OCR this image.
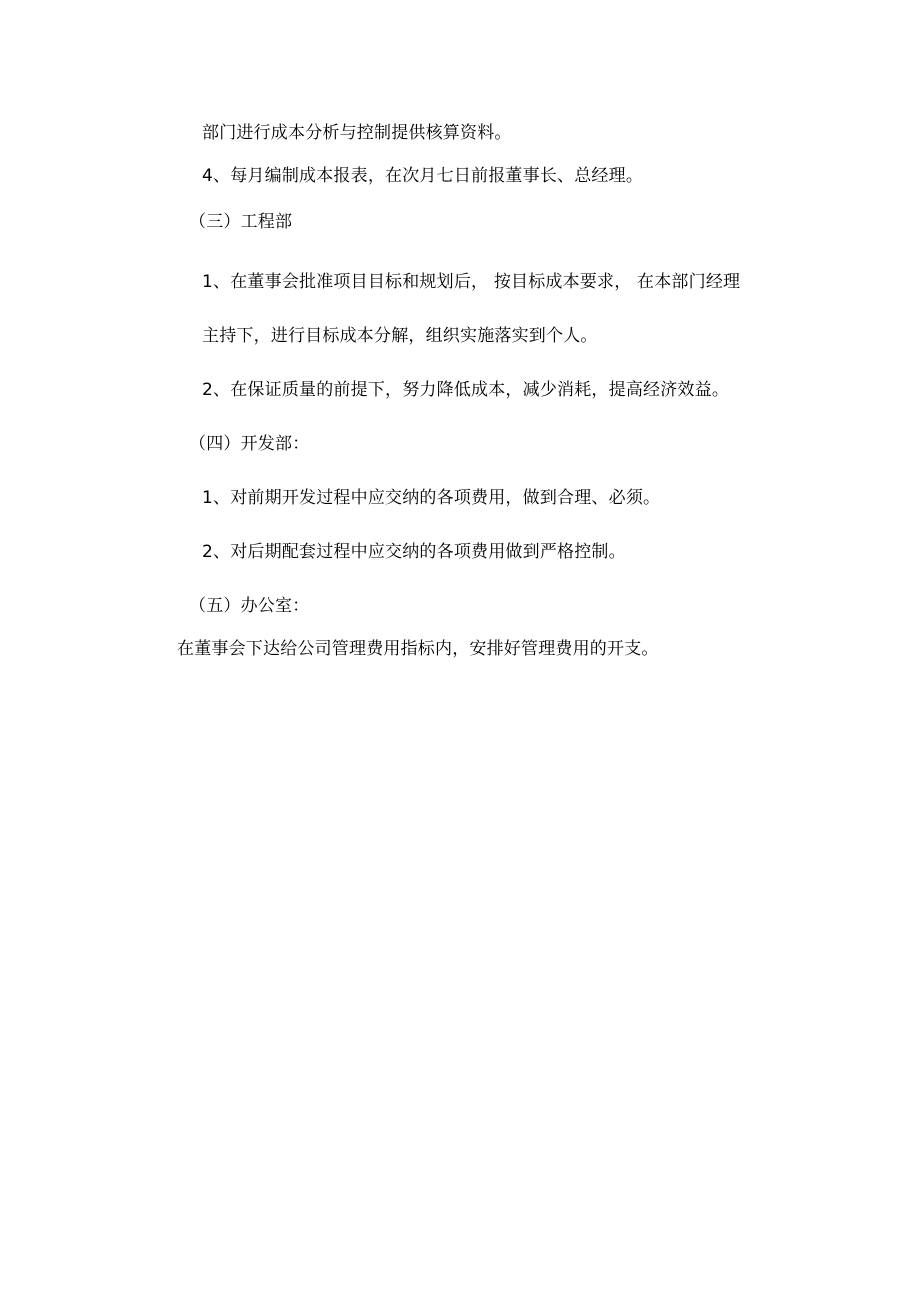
部门进行成本分析与控制提供核算资料。
4、每月编制成本报表，在次月七日前报董事长、总经理。
（三）工程部
1、在董事会批准项目目标和规划后， 按目标成本要求， 在本部门经理
主持下，进行目标成本分解，组织实施落实到个人。
2、在保证质量的前提下，努力降低成本，减少消耗，提高经济效益。
（四）开发部：
1、对前期开发过程中应交纳的各项费用，做到合理、必须。
2、对后期配套过程中应交纳的各项费用做到严格控制。
（五）办公室：
在董事会下达给公司管理费用指标内，安排好管理费用的开支。
